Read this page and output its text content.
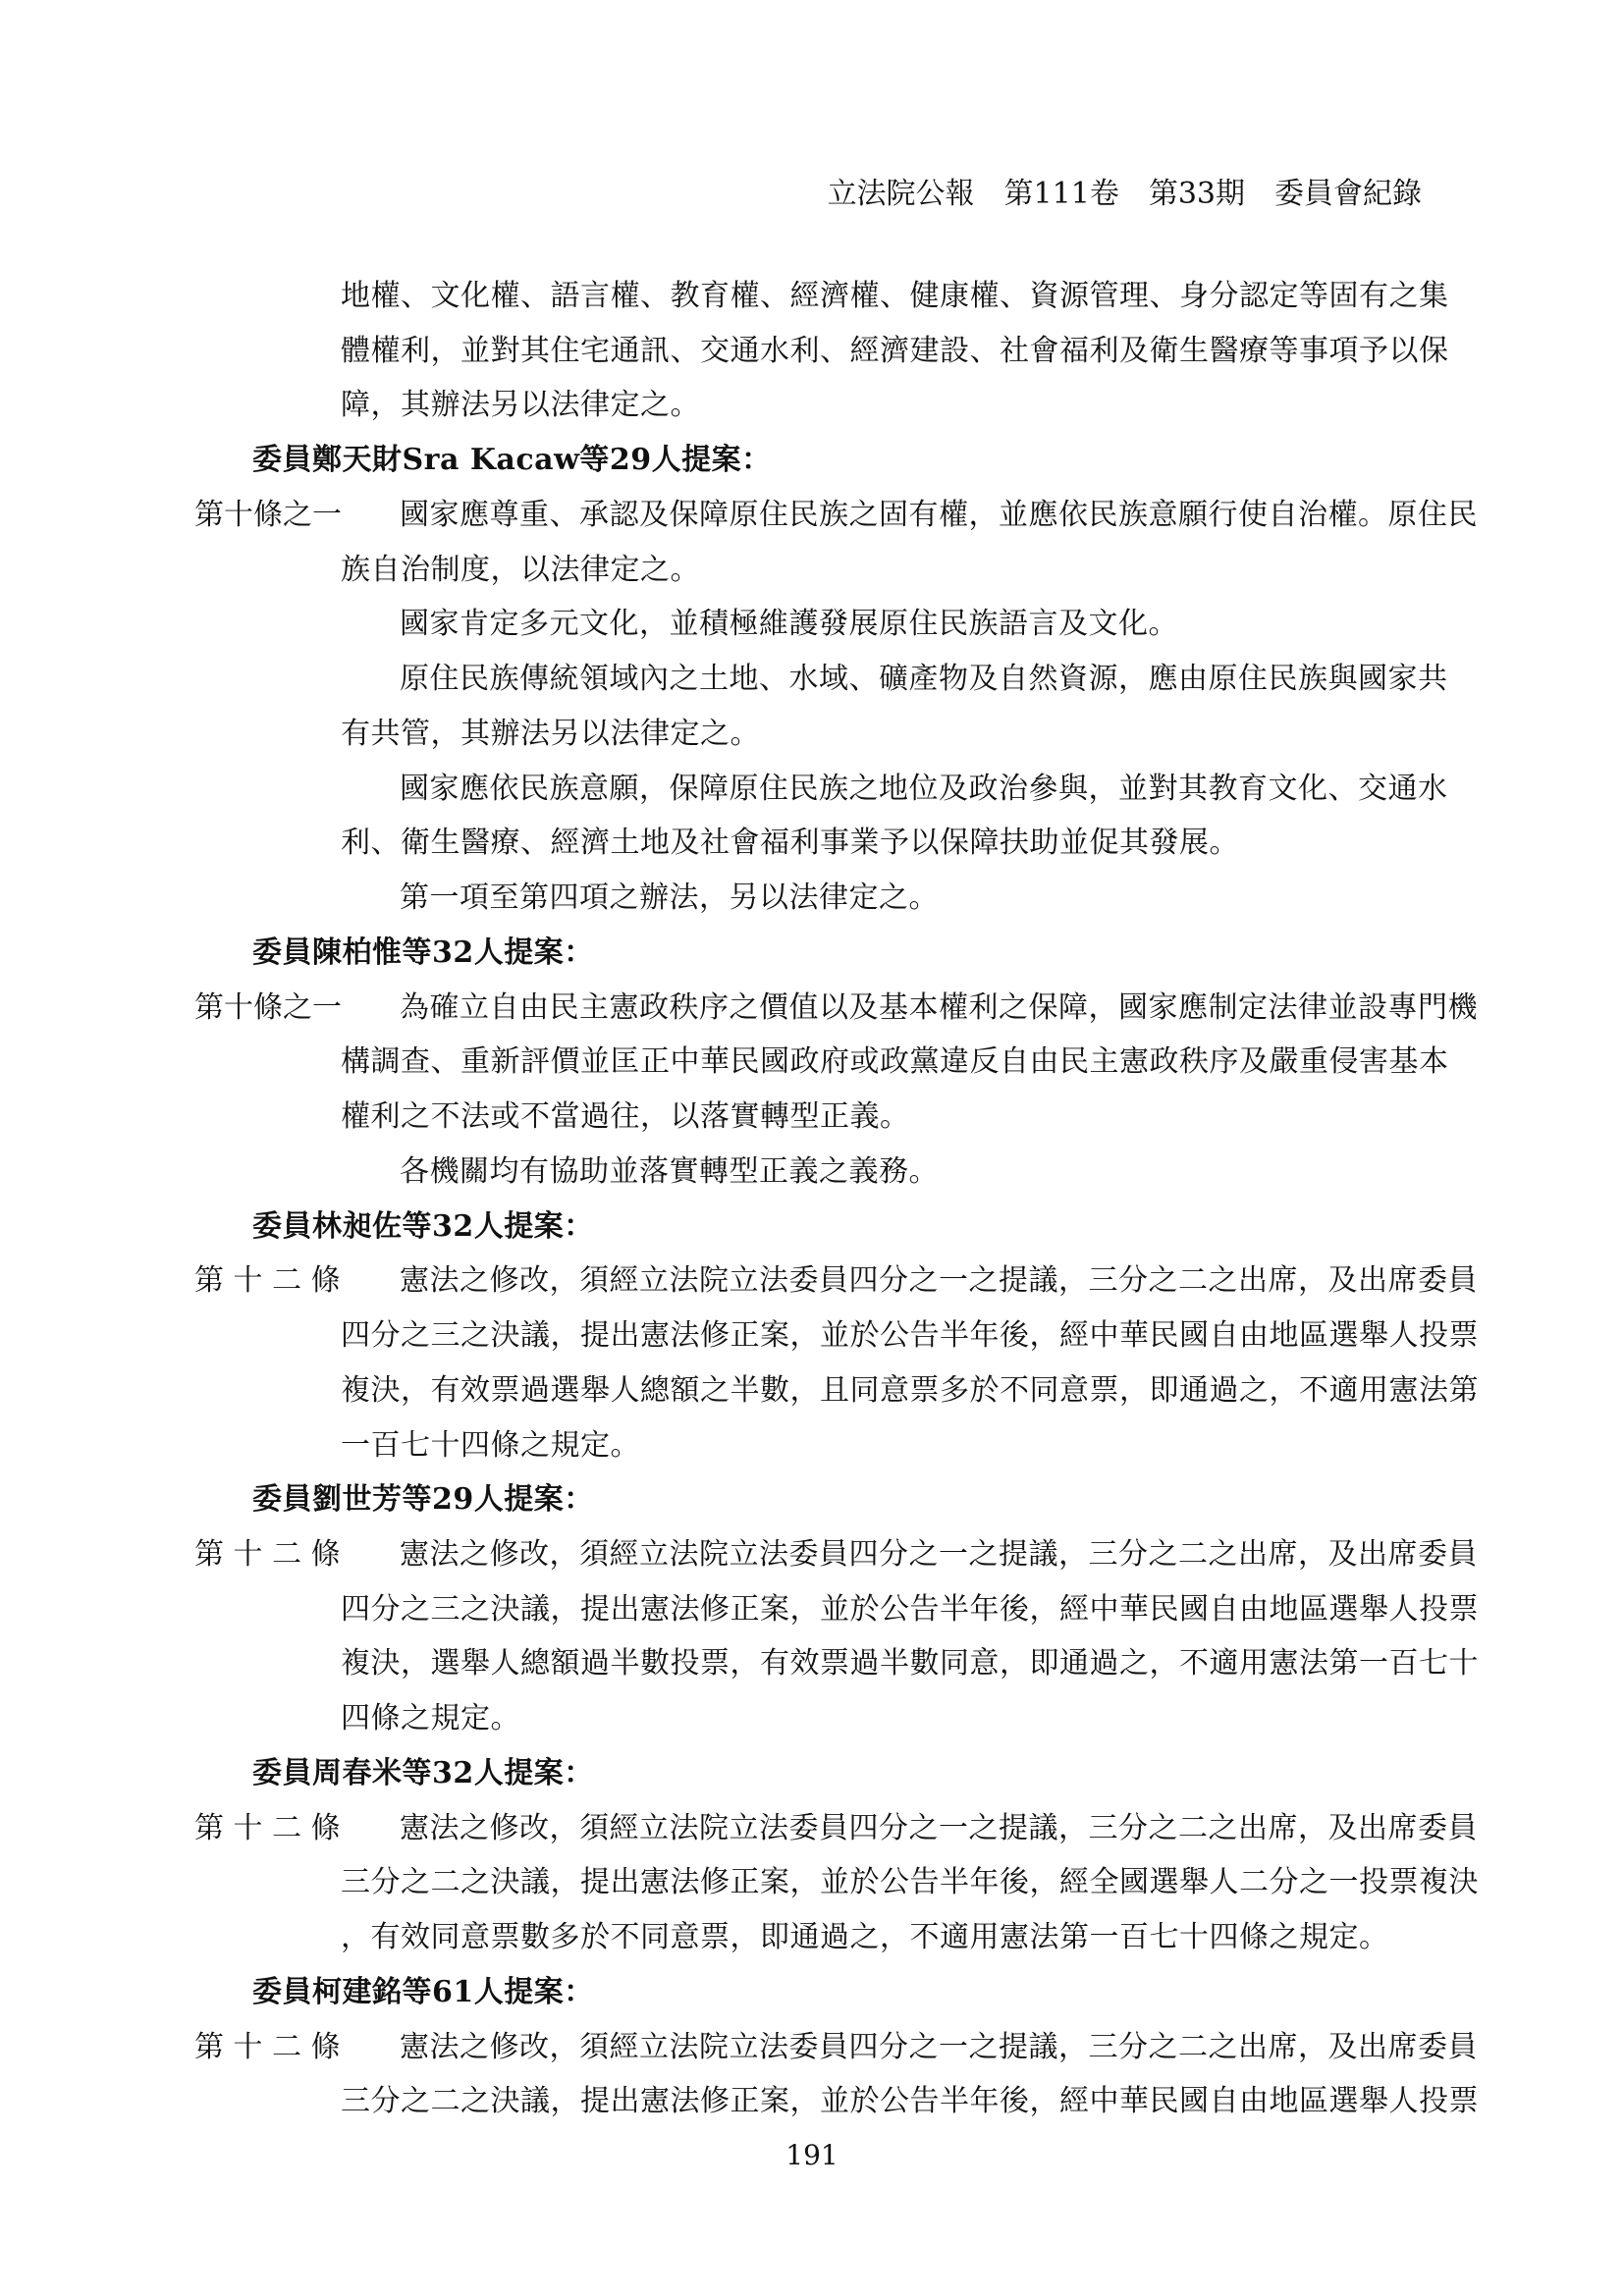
立法院公報　第111卷　第33期　委員會紀錄
地權、文化權、語言權、教育權、經濟權、健康權、資源管理、身分認定等固有之集
體權利，並對其住宅通訊、交通水利、經濟建設、社會福利及衛生醫療等事項予以保
障，其辦法另以法律定之。
委員鄭天財Sra Kacaw等29人提案：
第十條之一 國家應尊重、承認及保障原住民族之固有權，並應依民族意願行使自治權。原住民
族自治制度，以法律定之。
國家肯定多元文化，並積極維護發展原住民族語言及文化。
原住民族傳統領域內之土地、水域、礦產物及自然資源，應由原住民族與國家共
有共管，其辦法另以法律定之。
國家應依民族意願，保障原住民族之地位及政治參與，並對其教育文化、交通水
利、衛生醫療、經濟土地及社會福利事業予以保障扶助並促其發展。
第一項至第四項之辦法，另以法律定之。
委員陳柏惟等32人提案：
第十條之一 為確立自由民主憲政秩序之價值以及基本權利之保障，國家應制定法律並設專門機
構調查、重新評價並匡正中華民國政府或政黨違反自由民主憲政秩序及嚴重侵害基本
權利之不法或不當過往，以落實轉型正義。
各機關均有協助並落實轉型正義之義務。
委員林昶佐等32人提案：
第 十 二 條 憲法之修改，須經立法院立法委員四分之一之提議，三分之二之出席，及出席委員
四分之三之決議，提出憲法修正案，並於公告半年後，經中華民國自由地區選舉人投票
複決，有效票過選舉人總額之半數，且同意票多於不同意票，即通過之，不適用憲法第
一百七十四條之規定。
委員劉世芳等29人提案：
第 十 二 條 憲法之修改，須經立法院立法委員四分之一之提議，三分之二之出席，及出席委員
四分之三之決議，提出憲法修正案，並於公告半年後，經中華民國自由地區選舉人投票
複決，選舉人總額過半數投票，有效票過半數同意，即通過之，不適用憲法第一百七十
四條之規定。
委員周春米等32人提案：
第 十 二 條 憲法之修改，須經立法院立法委員四分之一之提議，三分之二之出席，及出席委員
三分之二之決議，提出憲法修正案，並於公告半年後，經全國選舉人二分之一投票複決
，有效同意票數多於不同意票，即通過之，不適用憲法第一百七十四條之規定。
委員柯建銘等61人提案：
第 十 二 條 憲法之修改，須經立法院立法委員四分之一之提議，三分之二之出席，及出席委員
三分之二之決議，提出憲法修正案，並於公告半年後，經中華民國自由地區選舉人投票
191
